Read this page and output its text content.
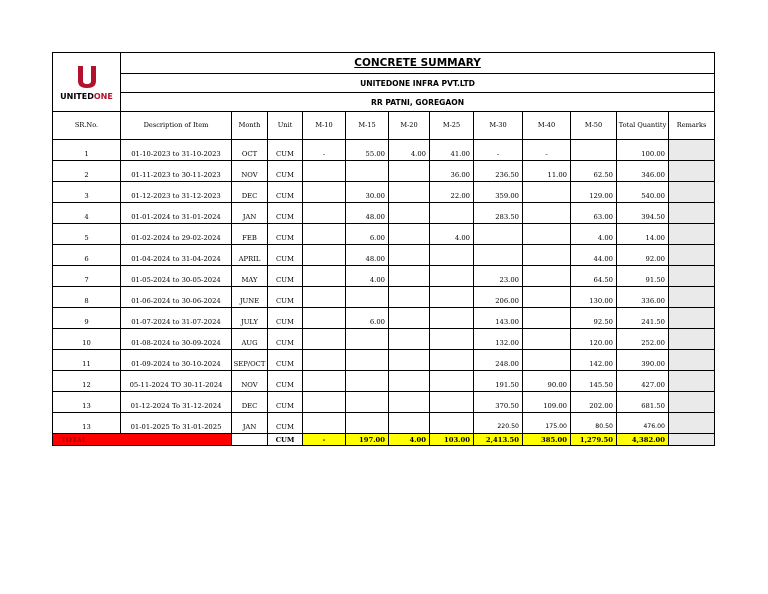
UNITEDONE	CONCRETE SUMMARY											
	UNITEDONE INFRA PVT.LTD											
	RR PATNI, GOREGAON											
SR.No.	Description of Item	Month	Unit	M-10	M-15	M-20	M-25	M-30	M-40	M-50	Total Quantity	Remarks

1	01-10-2023 to 31-10-2023	OCT	CUM	-	55.00	4.00	41.00	-	-		100.00	

2	01-11-2023 to 30-11-2023	NOV	CUM				36.00	236.50	11.00	62.50	346.00	

3	01-12-2023 to 31-12-2023	DEC	CUM		30.00		22.00	359.00		129.00	540.00	

4	01-01-2024 to 31-01-2024	JAN	CUM		48.00			283.50		63.00	394.50	

5	01-02-2024 to 29-02-2024	FEB	CUM		6.00		4.00			4.00	14.00	

6	01-04-2024 to 31-04-2024	APRIL	CUM		48.00					44.00	92.00	

7	01-05-2024 to 30-05-2024	MAY	CUM		4.00			23.00		64.50	91.50	

8	01-06-2024 to 30-06-2024	JUNE	CUM					206.00		130.00	336.00	

9	01-07-2024 to 31-07-2024	JULY	CUM		6.00			143.00		92.50	241.50	

10	01-08-2024 to 30-09-2024	AUG	CUM					132.00		120.00	252.00	

11	01-09-2024 to 30-10-2024	SEP/OCT	CUM					248.00		142.00	390.00	

12	05-11-2024 TO 30-11-2024	NOV	CUM					191.50	90.00	145.50	427.00	

13	01-12-2024 To 31-12-2024	DEC	CUM					370.50	109.00	202.00	681.50	

13	01-01-2025 To 31-01-2025	JAN	CUM					220.50	175.00	80.50	476.00	
TOTAL			CUM	-	197.00	4.00	103.00	2,413.50	385.00	1,279.50	4,382.00	
